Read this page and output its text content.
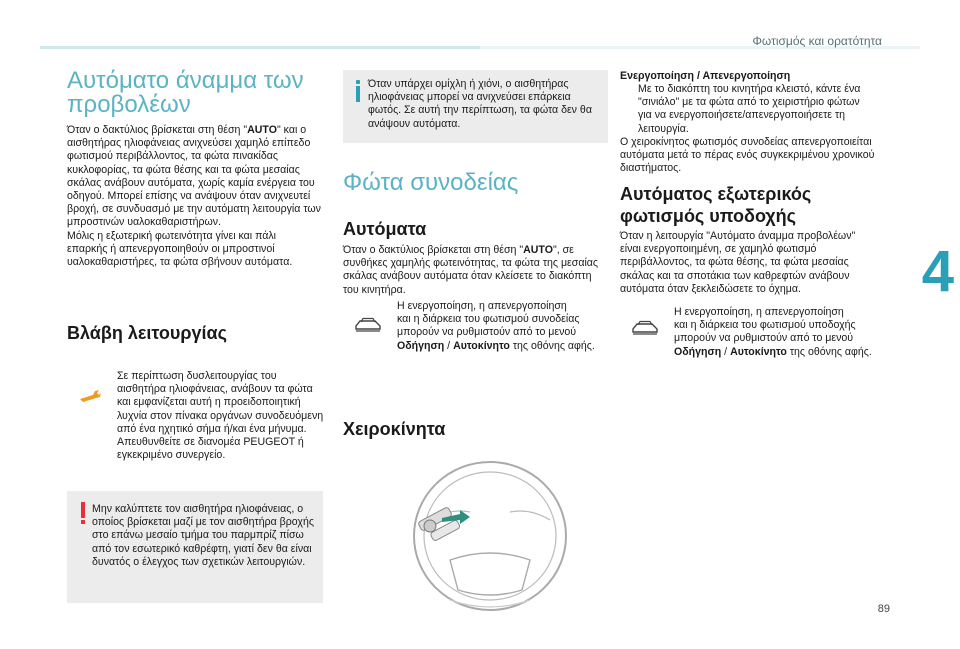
Φωτισμός και ορατότητα
4
89
Αυτόματο άναμμα των
προβολέων
Όταν ο δακτύλιος βρίσκεται στη θέση "AUTO" και ο
αισθητήρας ηλιοφάνειας ανιχνεύσει χαμηλό επίπεδο
φωτισμού περιβάλλοντος, τα φώτα πινακίδας
κυκλοφορίας, τα φώτα θέσης και τα φώτα μεσαίας
σκάλας ανάβουν αυτόματα, χωρίς καμία ενέργεια του
οδηγού. Μπορεί επίσης να ανάψουν όταν ανιχνευτεί
βροχή, σε συνδυασμό με την αυτόματη λειτουργία των
μπροστινών υαλοκαθαριστήρων.
Μόλις η εξωτερική φωτεινότητα γίνει και πάλι
επαρκής ή απενεργοποιηθούν οι μπροστινοί
υαλοκαθαριστήρες, τα φώτα σβήνουν αυτόματα.
Βλάβη λειτουργίας
Σε περίπτωση δυσλειτουργίας του
αισθητήρα ηλιοφάνειας, ανάβουν τα φώτα
και εμφανίζεται αυτή η προειδοποιητική
λυχνία στον πίνακα οργάνων συνοδευόμενη
από ένα ηχητικό σήμα ή/και ένα μήνυμα.
Απευθυνθείτε σε διανομέα PEUGEOT ή
εγκεκριμένο συνεργείο.
Μην καλύπτετε τον αισθητήρα ηλιοφάνειας, ο
οποίος βρίσκεται μαζί με τον αισθητήρα βροχής
στο επάνω μεσαίο τμήμα του παρμπρίζ πίσω
από τον εσωτερικό καθρέφτη, γιατί δεν θα είναι
δυνατός ο έλεγχος των σχετικών λειτουργιών.
Όταν υπάρχει ομίχλη ή χιόνι, ο αισθητήρας
ηλιοφάνειας μπορεί να ανιχνεύσει επάρκεια
φωτός. Σε αυτή την περίπτωση, τα φώτα δεν θα
ανάψουν αυτόματα.
Φώτα συνοδείας
Αυτόματα
Όταν ο δακτύλιος βρίσκεται στη θέση "AUTO", σε
συνθήκες χαμηλής φωτεινότητας, τα φώτα της μεσαίας
σκάλας ανάβουν αυτόματα όταν κλείσετε το διακόπτη
του κινητήρα.
Η ενεργοποίηση, η απενεργοποίηση
και η διάρκεια του φωτισμού συνοδείας
μπορούν να ρυθμιστούν από το μενού
Οδήγηση / Αυτοκίνητο της οθόνης αφής.
Χειροκίνητα
Ενεργοποίηση / Απενεργοποίηση
Με το διακόπτη του κινητήρα κλειστό, κάντε ένα
"σινιάλο" με τα φώτα από το χειριστήριο φώτων
για να ενεργοποιήσετε/απενεργοποιήσετε τη
λειτουργία.
Ο χειροκίνητος φωτισμός συνοδείας απενεργοποιείται
αυτόματα μετά το πέρας ενός συγκεκριμένου χρονικού
διαστήματος.
Αυτόματος εξωτερικός
φωτισμός υποδοχής
Όταν η λειτουργία "Αυτόματο άναμμα προβολέων"
είναι ενεργοποιημένη, σε χαμηλό φωτισμό
περιβάλλοντος, τα φώτα θέσης, τα φώτα μεσαίας
σκάλας και τα σποτάκια των καθρεφτών ανάβουν
αυτόματα όταν ξεκλειδώσετε το όχημα.
Η ενεργοποίηση, η απενεργοποίηση
και η διάρκεια του φωτισμού υποδοχής
μπορούν να ρυθμιστούν από το μενού
Οδήγηση / Αυτοκίνητο της οθόνης αφής.
